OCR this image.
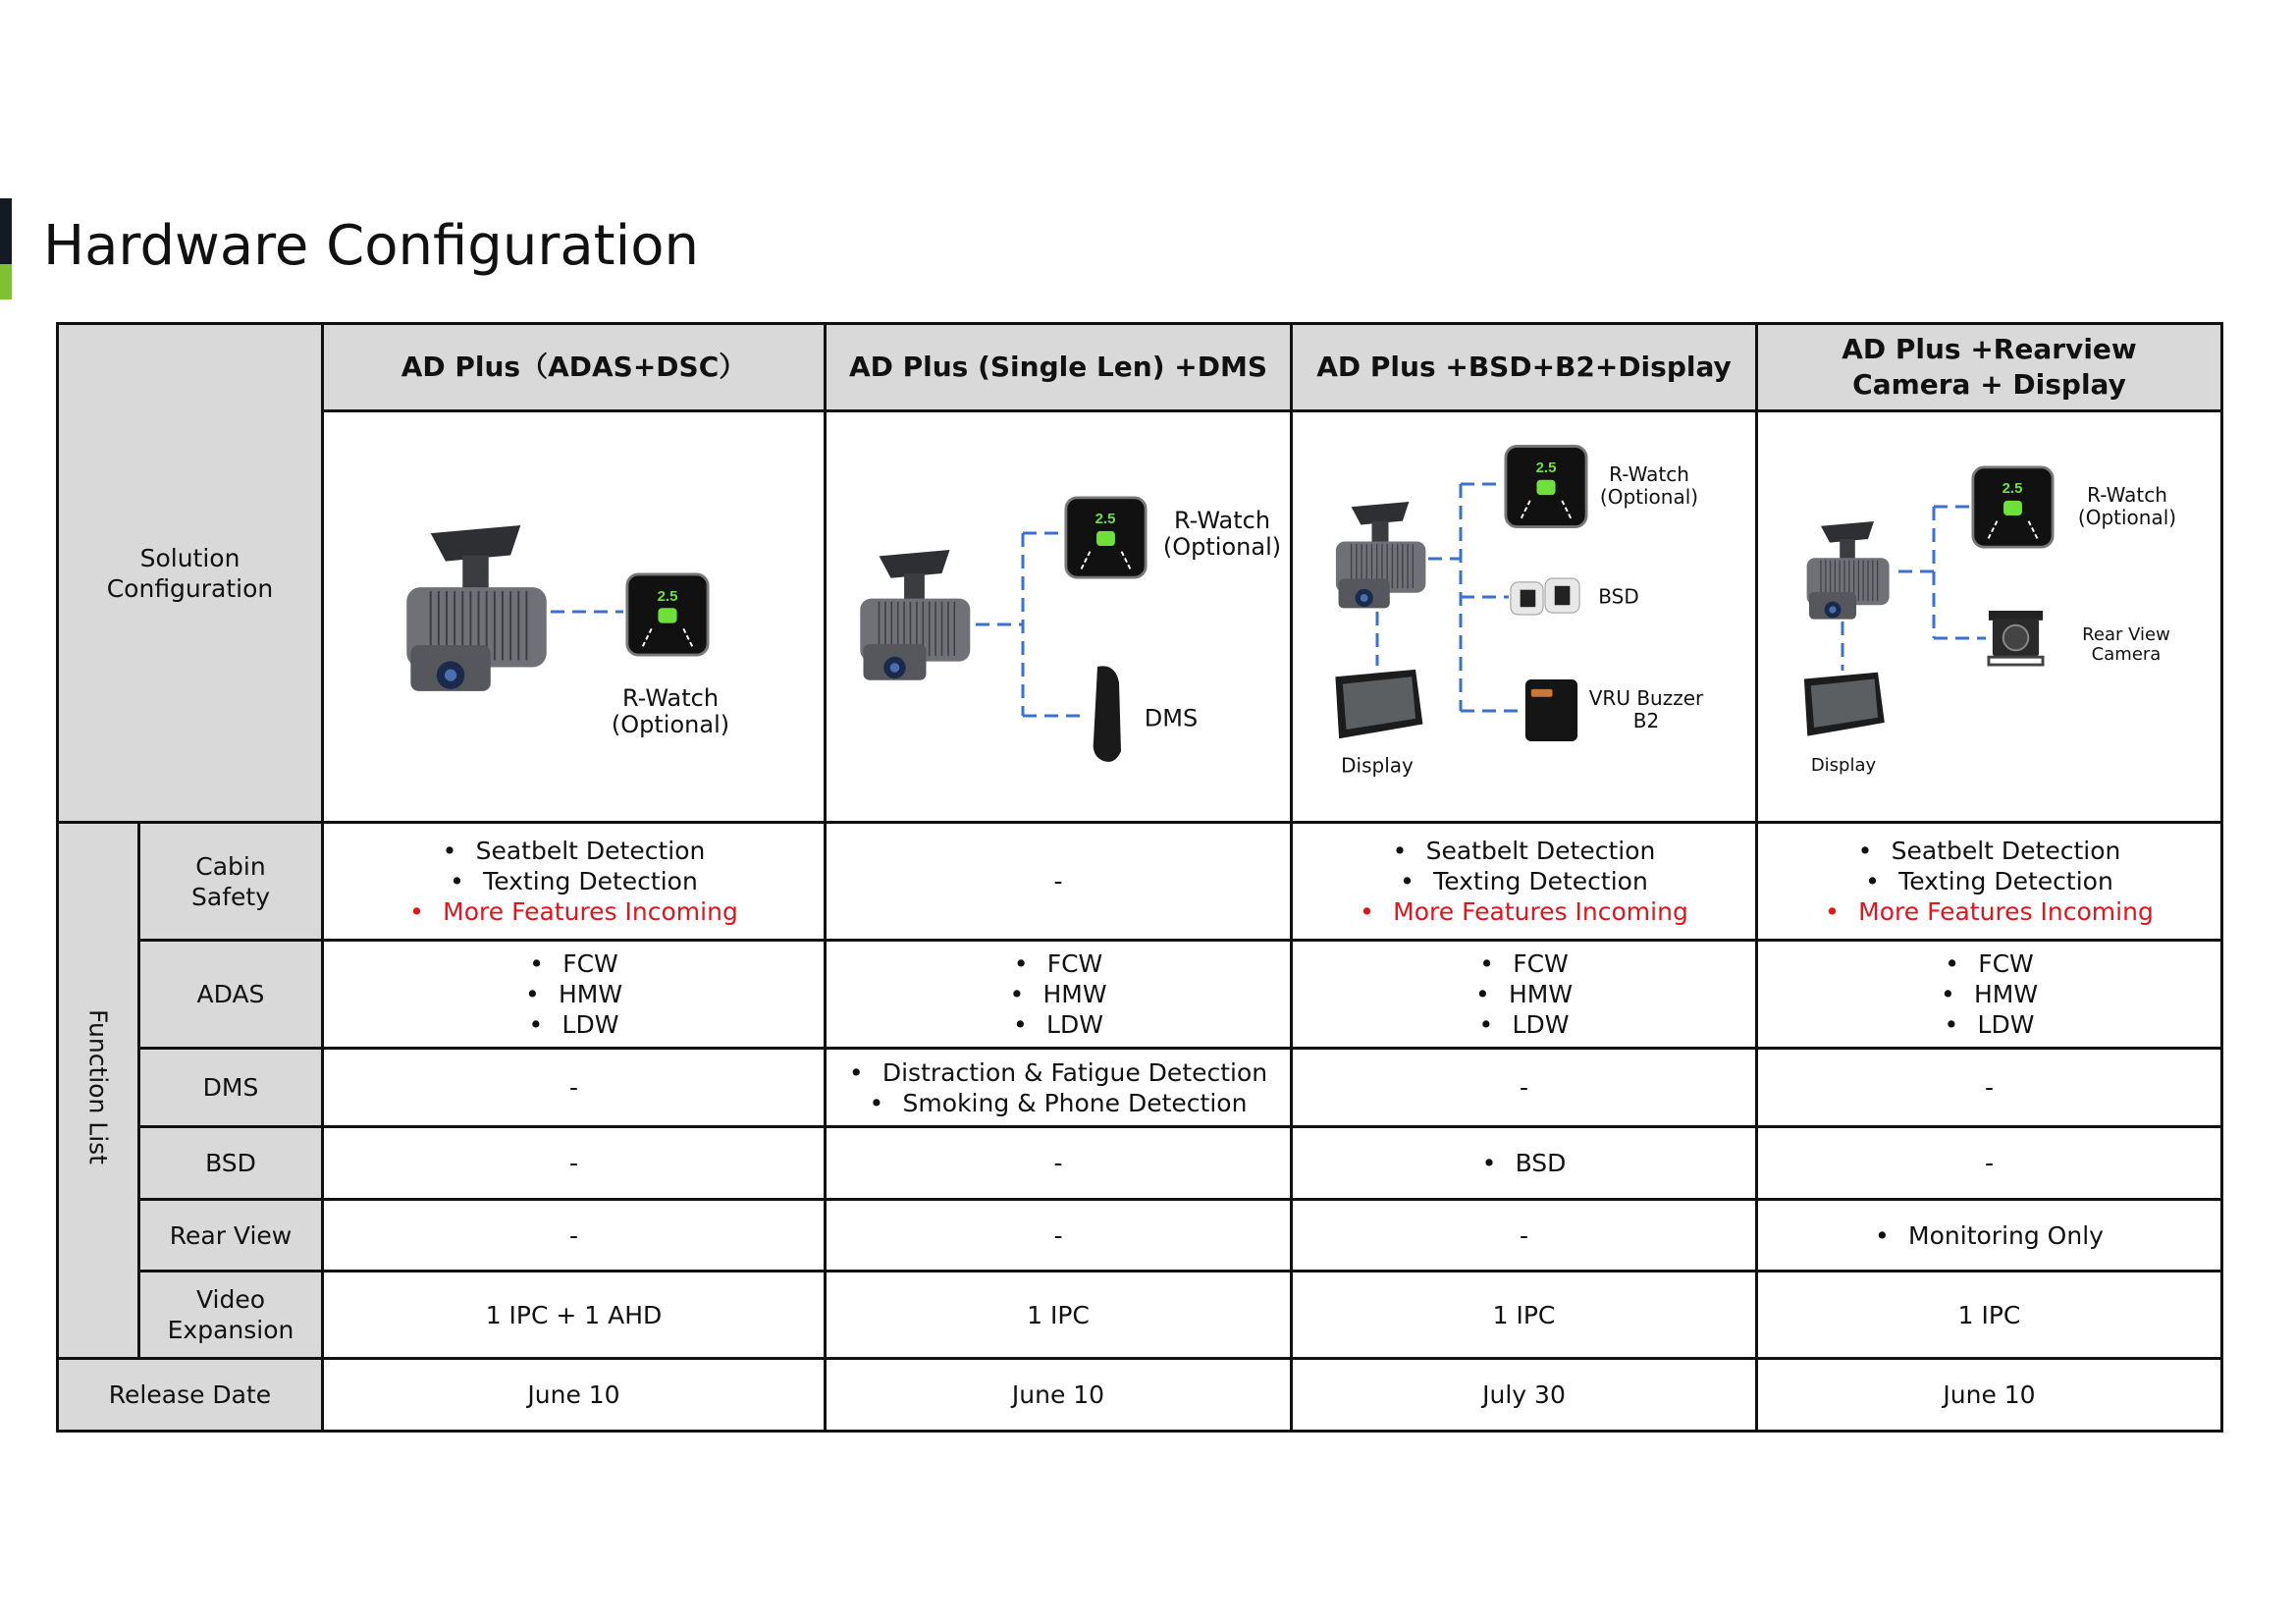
Hardware Configuration
Solution Configuration	AD Plus（ADAS+DSC）	AD Plus (Single Len) +DMS	AD Plus +BSD+B2+Display	AD Plus +Rearview Camera + Display

2.5
R-Watch
(Optional)

2.5	R-Watch
(Optional)
DMS

2.5	R-Watch
(Optional)
BSD
VRU Buzzer
B2
Display

2.5	R-Watch
(Optional)
Rear View
Camera
Display

Function List	Cabin Safety	
• Seatbelt Detection
• Texting Detection
• More Features Incoming
	-	
• Seatbelt Detection
• Texting Detection
• More Features Incoming

• Seatbelt Detection
• Texting Detection
• More Features Incoming

ADAS	
• FCW
• HMW
• LDW

• FCW
• HMW
• LDW

• FCW
• HMW
• LDW

• FCW
• HMW
• LDW

DMS	-	
• Distraction & Fatigue Detection
• Smoking & Phone Detection
	-	-
BSD	-	-	•BSD	-
Rear View	-	-	-	•Monitoring Only
Video Expansion	1 IPC + 1 AHD	1 IPC	1 IPC	1 IPC
Release Date	June 10	June 10	July 30	June 10
